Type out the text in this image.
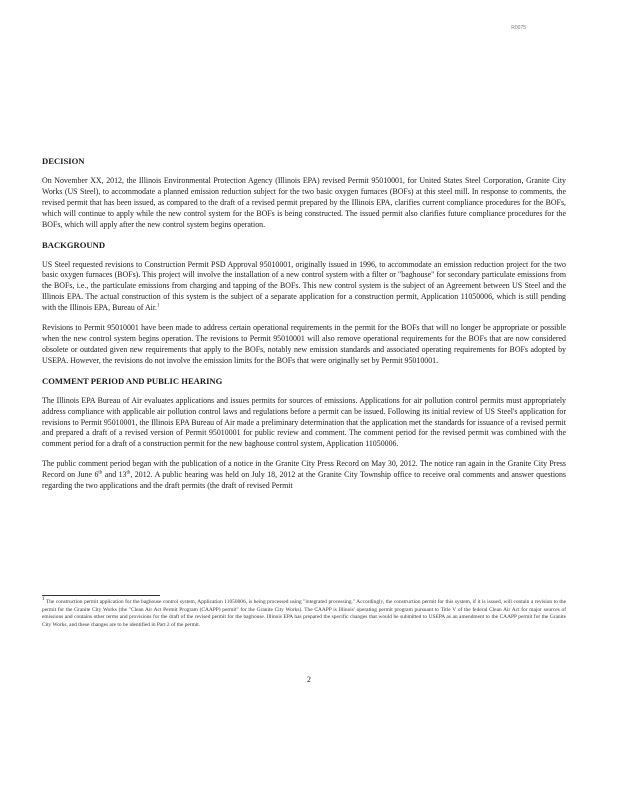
R0075
DECISION

On November XX, 2012, the Illinois Environmental Protection Agency (Illinois EPA) revised Permit 95010001, for United States Steel Corporation, Granite City Works (US Steel), to accommodate a planned emission reduction subject for the two basic oxygen furnaces (BOFs) at this steel mill. In response to comments, the revised permit that has been issued, as compared to the draft of a revised permit prepared by the Illinois EPA, clarifies current compliance procedures for the BOFs, which will continue to apply while the new control system for the BOFs is being constructed. The issued permit also clarifies future compliance procedures for the BOFs, which will apply after the new control system begins operation.

BACKGROUND

US Steel requested revisions to Construction Permit PSD Approval 95010001, originally issued in 1996, to accommodate an emission reduction project for the two basic oxygen furnaces (BOFs). This project will involve the installation of a new control system with a filter or "baghouse" for secondary particulate emissions from the BOFs, i.e., the particulate emissions from charging and tapping of the BOFs. This new control system is the subject of an Agreement between US Steel and the Illinois EPA. The actual construction of this system is the subject of a separate application for a construction permit, Application 11050006, which is still pending with the Illinois EPA, Bureau of Air.$^1$

Revisions to Permit 95010001 have been made to address certain operational requirements in the permit for the BOFs that will no longer be appropriate or possible when the new control system begins operation. The revisions to Permit 95010001 will also remove operational requirements for the BOFs that are now considered obsolete or outdated given new requirements that apply to the BOFs, notably new emission standards and associated operating requirements for BOFs adopted by USEPA. However, the revisions do not involve the emission limits for the BOFs that were originally set by Permit 95010001.

COMMENT PERIOD AND PUBLIC HEARING

The Illinois EPA Bureau of Air evaluates applications and issues permits for sources of emissions. Applications for air pollution control permits must appropriately address compliance with applicable air pollution control laws and regulations before a permit can be issued. Following its initial review of US Steel's application for revisions to Permit 95010001, the Illinois EPA Bureau of Air made a preliminary determination that the application met the standards for issuance of a revised permit and prepared a draft of a revised version of Permit 95010001 for public review and comment. The comment period for the revised permit was combined with the comment period for a draft of a construction permit for the new baghouse control system, Application 11050006.

The public comment period began with the publication of a notice in the Granite City Press Record on May 30, 2012. The notice ran again in the Granite City Press Record on June 6th and 13th, 2012. A public hearing was held on July 18, 2012 at the Granite City Township office to receive oral comments and answer questions regarding the two applications and the draft permits (the draft of revised Permit

$^1$ The construction permit application for the baghouse control system, Application 11050006, is being processed using "integrated processing." Accordingly, the construction permit for this system, if it is issued, will contain a revision to the permit for the Granite City Works (the "Clean Air Act Permit Program (CAAPP) permit" for the Granite City Works). The CAAPP is Illinois' operating permit program pursuant to Title V of the federal Clean Air Act for major sources of emissions and contains other terms and provisions for the draft of the revised permit for the baghouse. Illinois EPA has prepared the specific changes that would be submitted to USEPA as an amendment to the CAAPP permit for the Granite City Works, and these changes are to be identified in Part 2 of the permit.
2
